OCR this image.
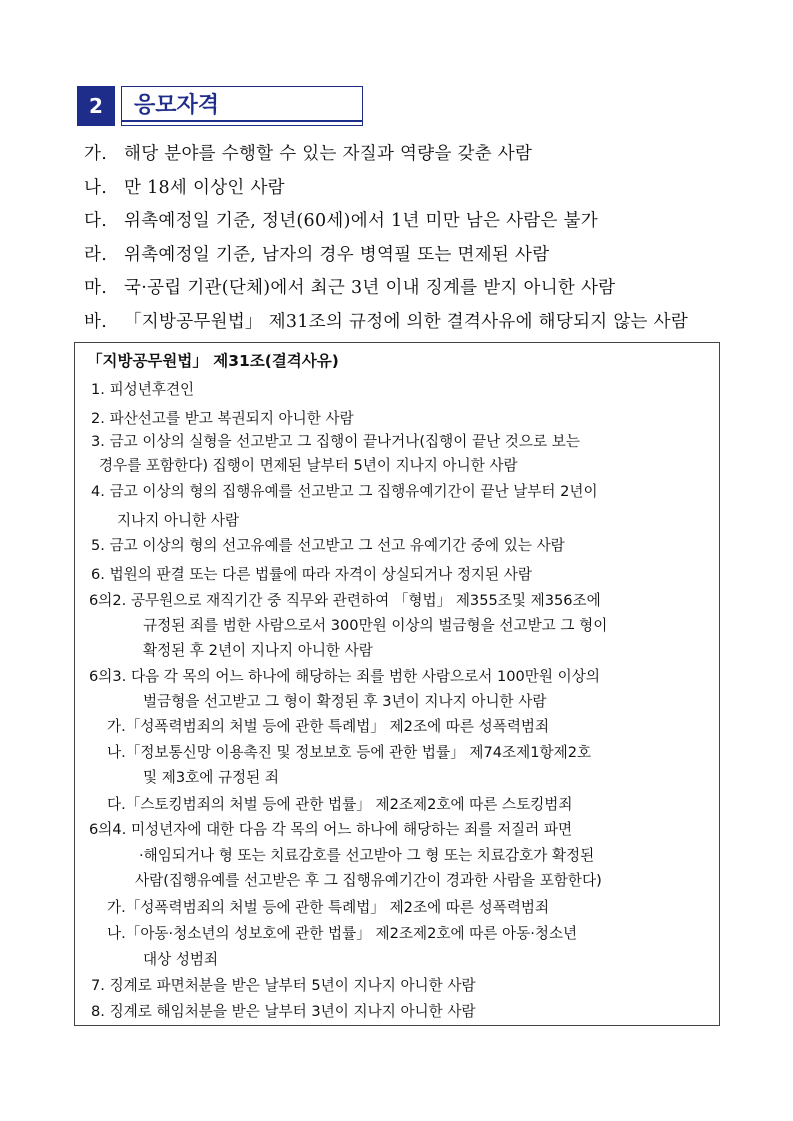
2	응모자격
가. 해당 분야를 수행할 수 있는 자질과 역량을 갖춘 사람
나. 만 18세 이상인 사람
다. 위촉예정일 기준, 정년(60세)에서 1년 미만 남은 사람은 불가
라. 위촉예정일 기준, 남자의 경우 병역필 또는 면제된 사람
마. 국·공립 기관(단체)에서 최근 3년 이내 징계를 받지 아니한 사람
바. 「지방공무원법」 제31조의 규정에 의한 결격사유에 해당되지 않는 사람
「지방공무원법」 제31조(결격사유)
1. 피성년후견인
2. 파산선고를 받고 복권되지 아니한 사람
3. 금고 이상의 실형을 선고받고 그 집행이 끝나거나(집행이 끝난 것으로 보는
경우를 포함한다) 집행이 면제된 날부터 5년이 지나지 아니한 사람
4. 금고 이상의 형의 집행유예를 선고받고 그 집행유예기간이 끝난 날부터 2년이
지나지 아니한 사람
5. 금고 이상의 형의 선고유예를 선고받고 그 선고 유예기간 중에 있는 사람
6. 법원의 판결 또는 다른 법률에 따라 자격이 상실되거나 정지된 사람
6의2. 공무원으로 재직기간 중 직무와 관련하여 「형법」 제355조및 제356조에
규정된 죄를 범한 사람으로서 300만원 이상의 벌금형을 선고받고 그 형이
확정된 후 2년이 지나지 아니한 사람
6의3. 다음 각 목의 어느 하나에 해당하는 죄를 범한 사람으로서 100만원 이상의
벌금형을 선고받고 그 형이 확정된 후 3년이 지나지 아니한 사람
가.「성폭력범죄의 처벌 등에 관한 특례법」 제2조에 따른 성폭력범죄
나.「정보통신망 이용촉진 및 정보보호 등에 관한 법률」 제74조제1항제2호
및 제3호에 규정된 죄
다.「스토킹범죄의 처벌 등에 관한 법률」 제2조제2호에 따른 스토킹범죄
6의4. 미성년자에 대한 다음 각 목의 어느 하나에 해당하는 죄를 저질러 파면
·해임되거나 형 또는 치료감호를 선고받아 그 형 또는 치료감호가 확정된
사람(집행유예를 선고받은 후 그 집행유예기간이 경과한 사람을 포함한다)
가.「성폭력범죄의 처벌 등에 관한 특례법」 제2조에 따른 성폭력범죄
나.「아동·청소년의 성보호에 관한 법률」 제2조제2호에 따른 아동·청소년
대상 성범죄
7. 징계로 파면처분을 받은 날부터 5년이 지나지 아니한 사람
8. 징계로 해임처분을 받은 날부터 3년이 지나지 아니한 사람
